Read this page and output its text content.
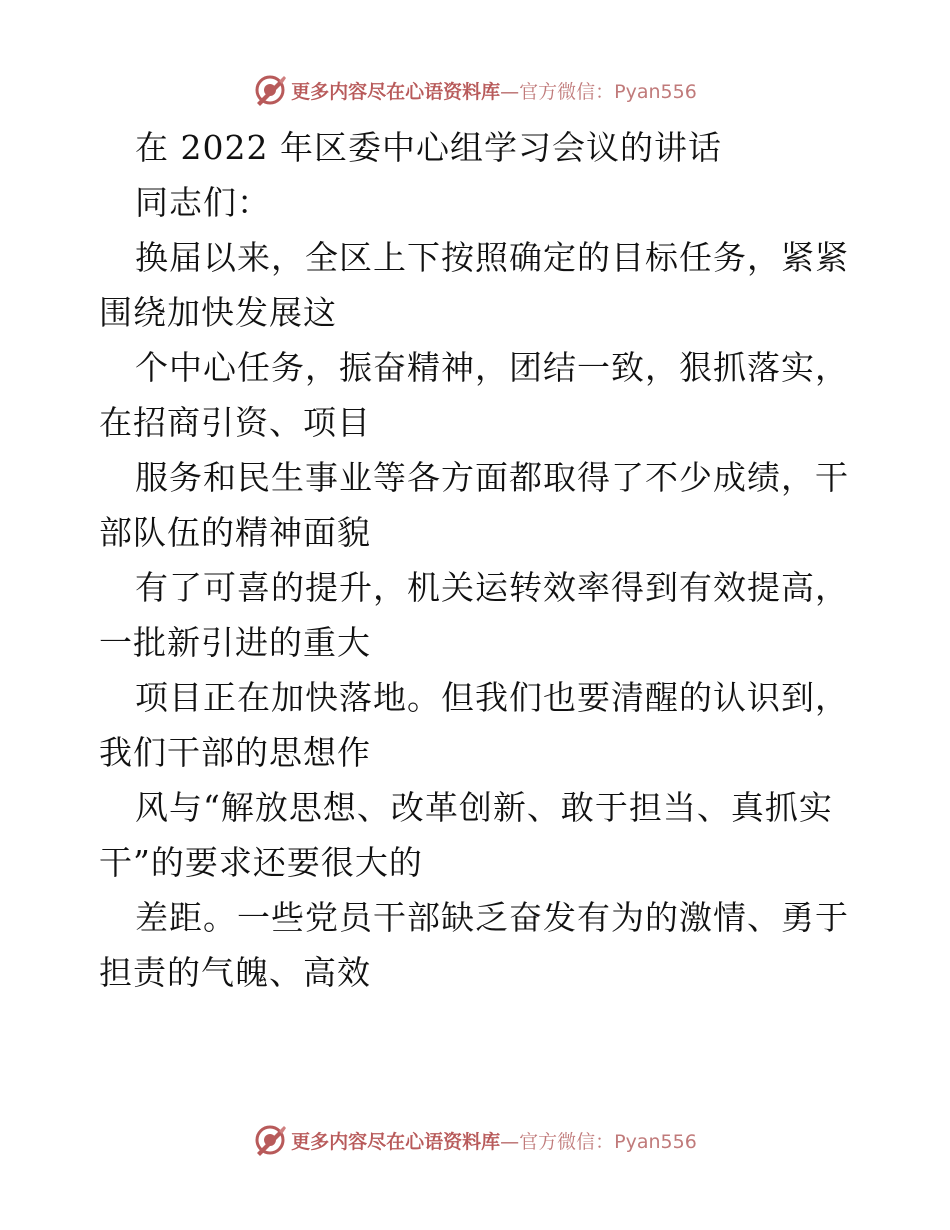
更多内容尽在心语资料库—官方微信：Pyan556
在 2022 年区委中心组学习会议的讲话
同志们：
换届以来，全区上下按照确定的目标任务，紧紧
围绕加快发展这
个中心任务，振奋精神，团结一致，狠抓落实，
在招商引资、项目
服务和民生事业等各方面都取得了不少成绩，干
部队伍的精神面貌
有了可喜的提升，机关运转效率得到有效提高，
一批新引进的重大
项目正在加快落地。但我们也要清醒的认识到，
我们干部的思想作
风与“解放思想、改革创新、敢于担当、真抓实
干”的要求还要很大的
差距。一些党员干部缺乏奋发有为的激情、勇于
担责的气魄、高效
更多内容尽在心语资料库—官方微信：Pyan556
